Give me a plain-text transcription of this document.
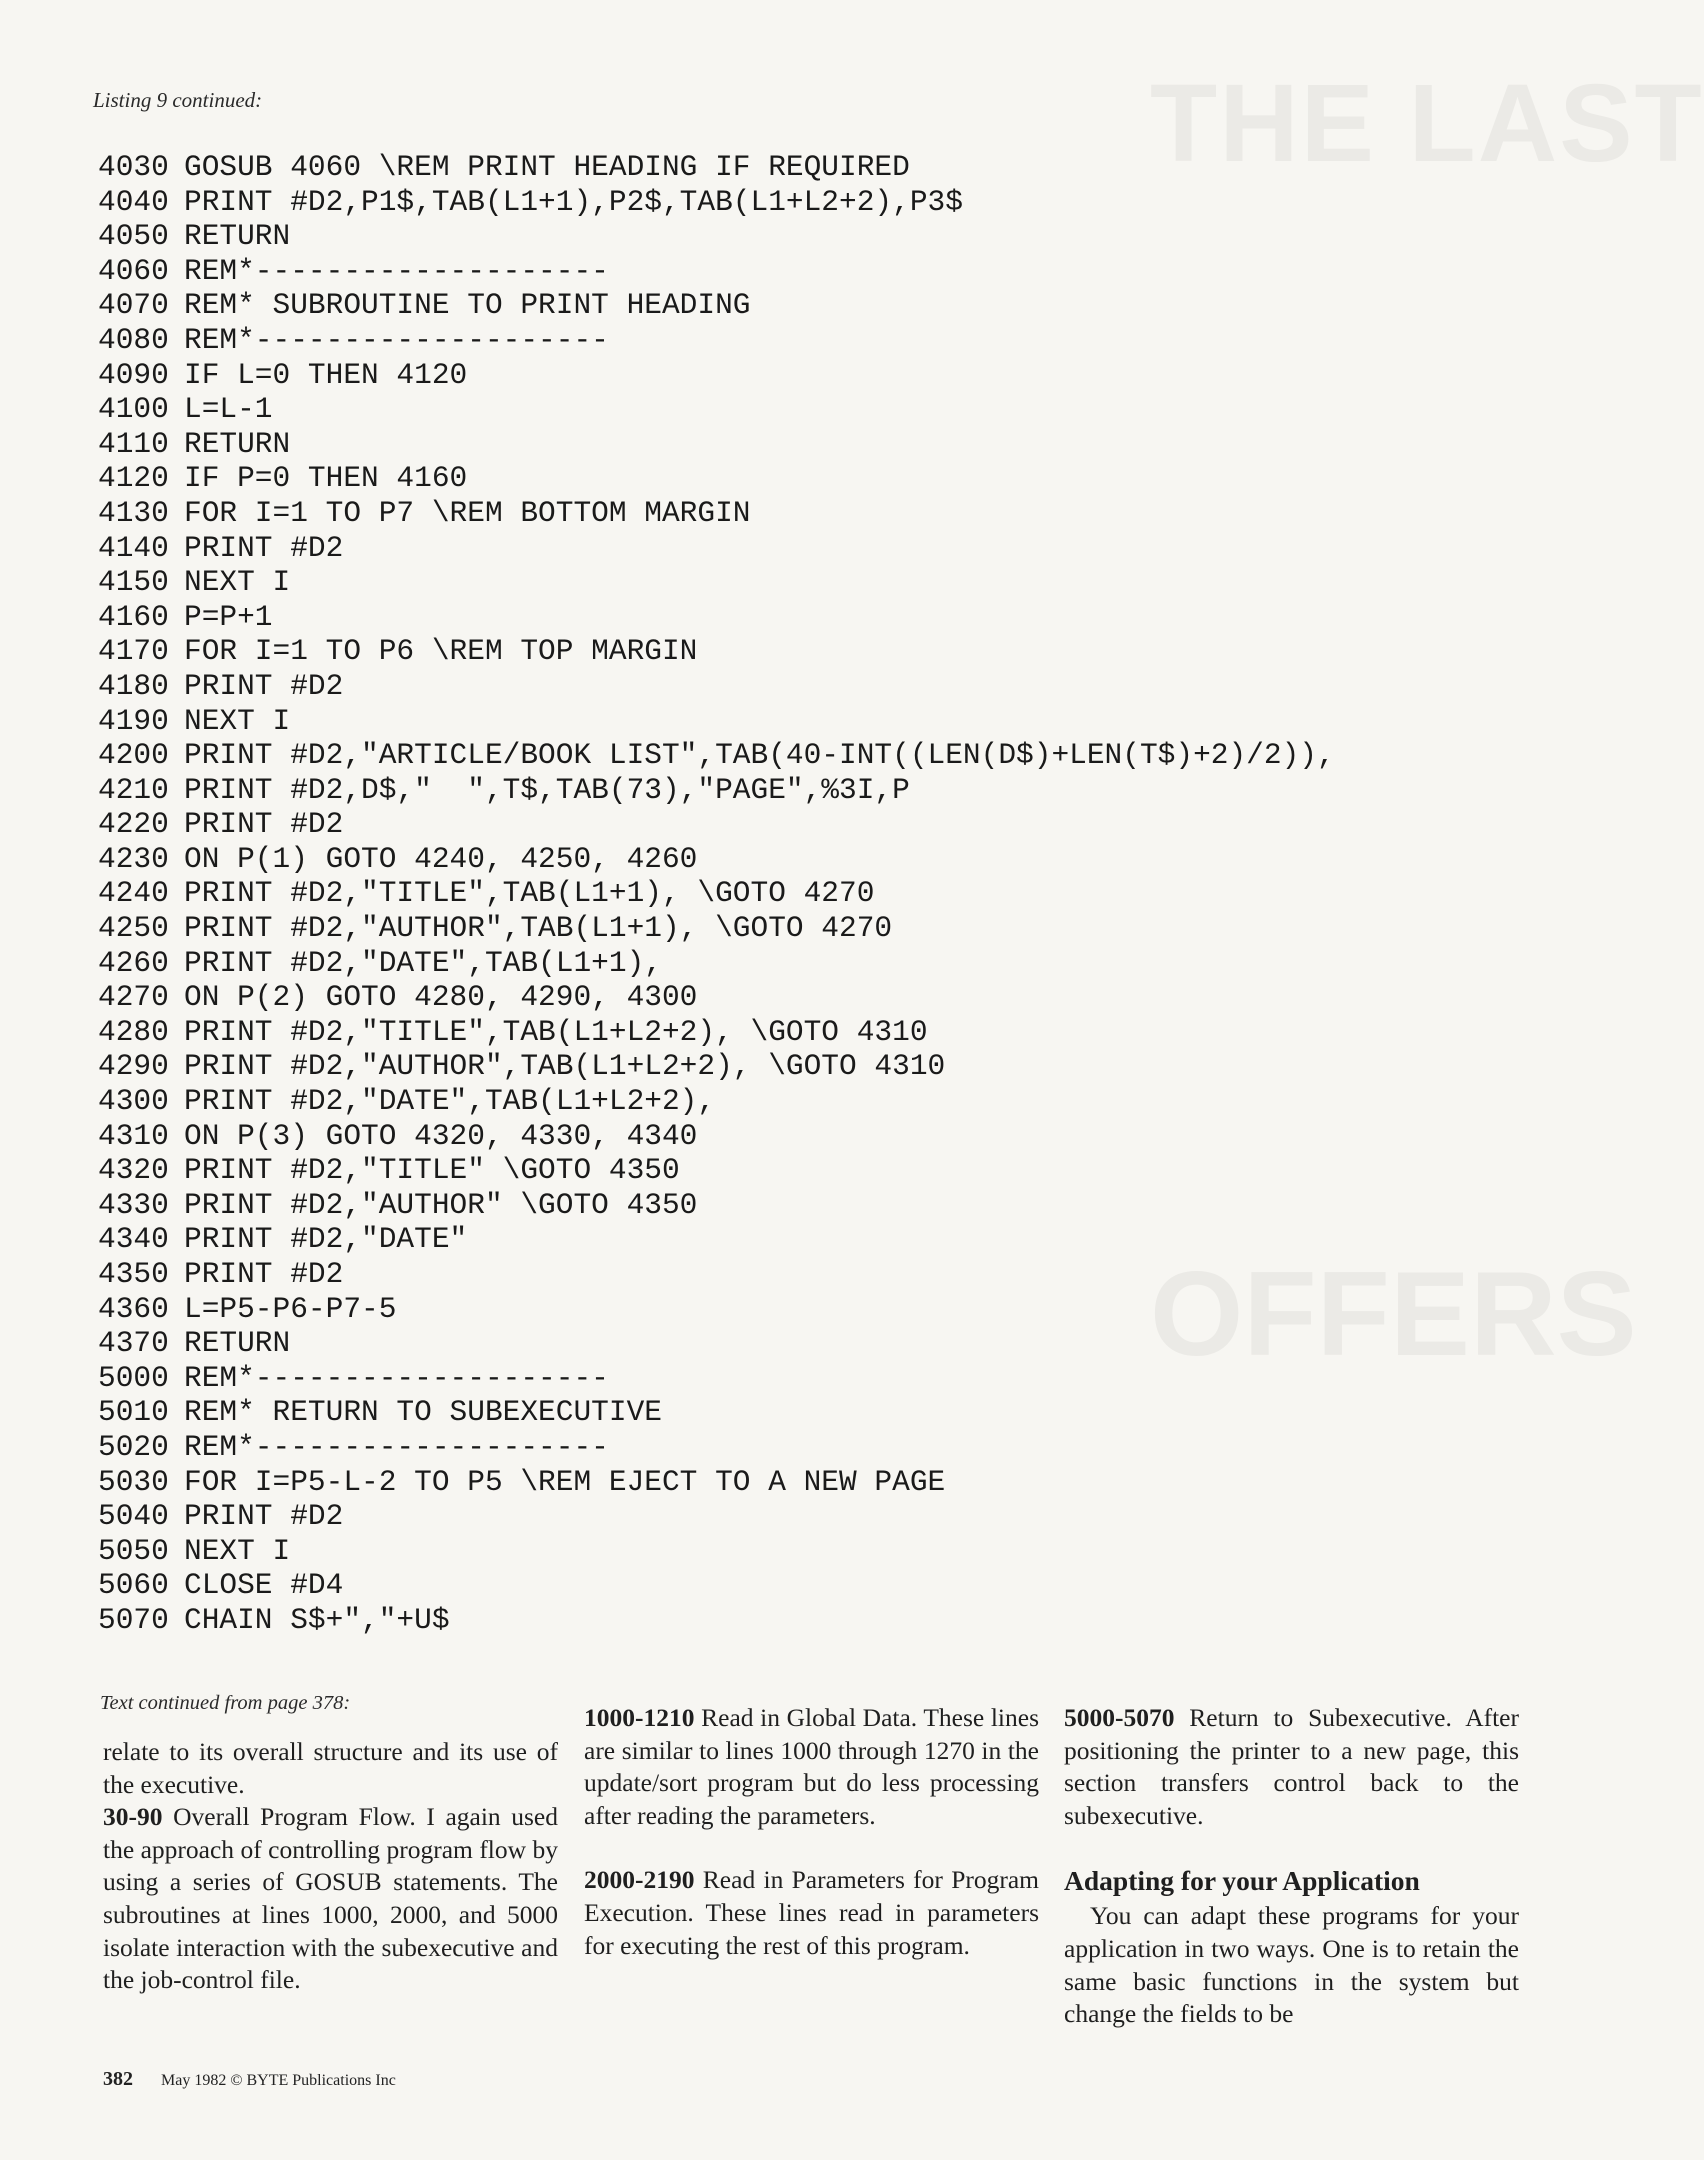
THE LAST
OFFERS
Listing 9 continued:
4030 GOSUB 4060 \REM PRINT HEADING IF REQUIRED
4040 PRINT #D2,P1$,TAB(L1+1),P2$,TAB(L1+L2+2),P3$
4050 RETURN
4060 REM*--------------------
4070 REM* SUBROUTINE TO PRINT HEADING
4080 REM*--------------------
4090 IF L=0 THEN 4120
4100 L=L-1
4110 RETURN
4120 IF P=0 THEN 4160
4130 FOR I=1 TO P7 \REM BOTTOM MARGIN
4140 PRINT #D2
4150 NEXT I
4160 P=P+1
4170 FOR I=1 TO P6 \REM TOP MARGIN
4180 PRINT #D2
4190 NEXT I
4200 PRINT #D2,"ARTICLE/BOOK LIST",TAB(40-INT((LEN(D$)+LEN(T$)+2)/2)),
4210 PRINT #D2,D$,"  ",T$,TAB(73),"PAGE",%3I,P
4220 PRINT #D2
4230 ON P(1) GOTO 4240, 4250, 4260
4240 PRINT #D2,"TITLE",TAB(L1+1), \GOTO 4270
4250 PRINT #D2,"AUTHOR",TAB(L1+1), \GOTO 4270
4260 PRINT #D2,"DATE",TAB(L1+1),
4270 ON P(2) GOTO 4280, 4290, 4300
4280 PRINT #D2,"TITLE",TAB(L1+L2+2), \GOTO 4310
4290 PRINT #D2,"AUTHOR",TAB(L1+L2+2), \GOTO 4310
4300 PRINT #D2,"DATE",TAB(L1+L2+2),
4310 ON P(3) GOTO 4320, 4330, 4340
4320 PRINT #D2,"TITLE" \GOTO 4350
4330 PRINT #D2,"AUTHOR" \GOTO 4350
4340 PRINT #D2,"DATE"
4350 PRINT #D2
4360 L=P5-P6-P7-5
4370 RETURN
5000 REM*--------------------
5010 REM* RETURN TO SUBEXECUTIVE
5020 REM*--------------------
5030 FOR I=P5-L-2 TO P5 \REM EJECT TO A NEW PAGE
5040 PRINT #D2
5050 NEXT I
5060 CLOSE #D4
5070 CHAIN S$+","+U$
Text continued from page 378:

relate to its overall structure and its use of the executive.

30-90 Overall Program Flow. I again used the approach of controlling program flow by using a series of GOSUB statements. The subroutines at lines 1000, 2000, and 5000 isolate interaction with the subexecutive and the job-control file.

1000-1210 Read in Global Data. These lines are similar to lines 1000 through 1270 in the update/sort program but do less processing after reading the parameters.

2000-2190 Read in Parameters for Program Execution. These lines read in parameters for executing the rest of this program.

5000-5070 Return to Subexecutive. After positioning the printer to a new page, this section transfers control back to the subexecutive.

Adapting for your Application

You can adapt these programs for your application in two ways. One is to retain the same basic functions in the system but change the fields to be

382 May 1982 © BYTE Publications Inc
